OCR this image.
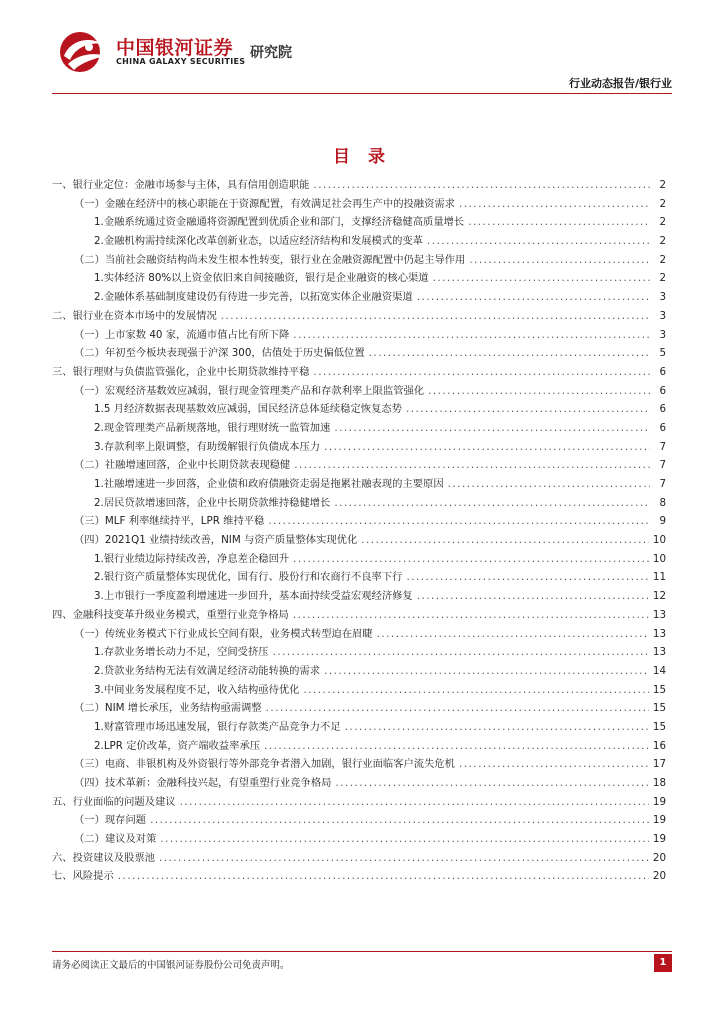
中国银河证券
CHINA GALAXY SECURITIES
研究院
行业动态报告/银行业
目 录
一、银行业定位：金融市场参与主体，具有信用创造职能 .....	2
（一）金融在经济中的核心职能在于资源配置，有效满足社会再生产中的投融资需求 .....	2
1.金融系统通过资金融通将资源配置到优质企业和部门，支撑经济稳健高质量增长 .....	2
2.金融机构需持续深化改革创新业态，以适应经济结构和发展模式的变革 .....	2
（二）当前社会融资结构尚未发生根本性转变，银行业在金融资源配置中仍起主导作用 .....	2
1.实体经济 80%以上资金依旧来自间接融资，银行是企业融资的核心渠道 .....	2
2.金融体系基础制度建设仍有待进一步完善，以拓宽实体企业融资渠道 .....	3
二、银行业在资本市场中的发展情况 .....	3
（一）上市家数 40 家，流通市值占比有所下降 .....	3
（二）年初至今板块表现强于沪深 300，估值处于历史偏低位置 .....	5
三、银行理财与负债监管强化，企业中长期贷款维持平稳 .....	6
（一）宏观经济基数效应减弱，银行现金管理类产品和存款利率上限监管强化 .....	6
1.5 月经济数据表现基数效应减弱，国民经济总体延续稳定恢复态势 .....	6
2.现金管理类产品新规落地，银行理财统一监管加速 .....	6
3.存款利率上限调整，有助缓解银行负债成本压力 .....	7
（二）社融增速回落，企业中长期贷款表现稳健 .....	7
1.社融增速进一步回落，企业债和政府债融资走弱是拖累社融表现的主要原因 .....	7
2.居民贷款增速回落，企业中长期贷款维持稳健增长 .....	8
（三）MLF 利率继续持平，LPR 维持平稳 .....	9
（四）2021Q1 业绩持续改善，NIM 与资产质量整体实现优化 .....	10
1.银行业绩边际持续改善，净息差企稳回升 .....	10
2.银行资产质量整体实现优化，国有行、股份行和农商行不良率下行 .....	11
3.上市银行一季度盈利增速进一步回升，基本面持续受益宏观经济修复 .....	12
四、金融科技变革升级业务模式，重塑行业竞争格局 .....	13
（一）传统业务模式下行业成长空间有限，业务模式转型迫在眉睫 .....	13
1.存款业务增长动力不足，空间受挤压 .....	13
2.贷款业务结构无法有效满足经济动能转换的需求 .....	14
3.中间业务发展程度不足，收入结构亟待优化 .....	15
（二）NIM 增长承压，业务结构亟需调整 .....	15
1.财富管理市场迅速发展，银行存款类产品竞争力不足 .....	15
2.LPR 定价改革，资产端收益率承压 .....	16
（三）电商、非银机构及外资银行等外部竞争者潜入加剧，银行业面临客户流失危机 .....	17
（四）技术革新：金融科技兴起，有望重塑行业竞争格局 .....	18
五、行业面临的问题及建议 .....	19
（一）现存问题 .....	19
（二）建议及对策 .....	19
六、投资建议及股票池 .....	20
七、风险提示 .....	20
请务必阅读正文最后的中国银河证券股份公司免责声明。	1
